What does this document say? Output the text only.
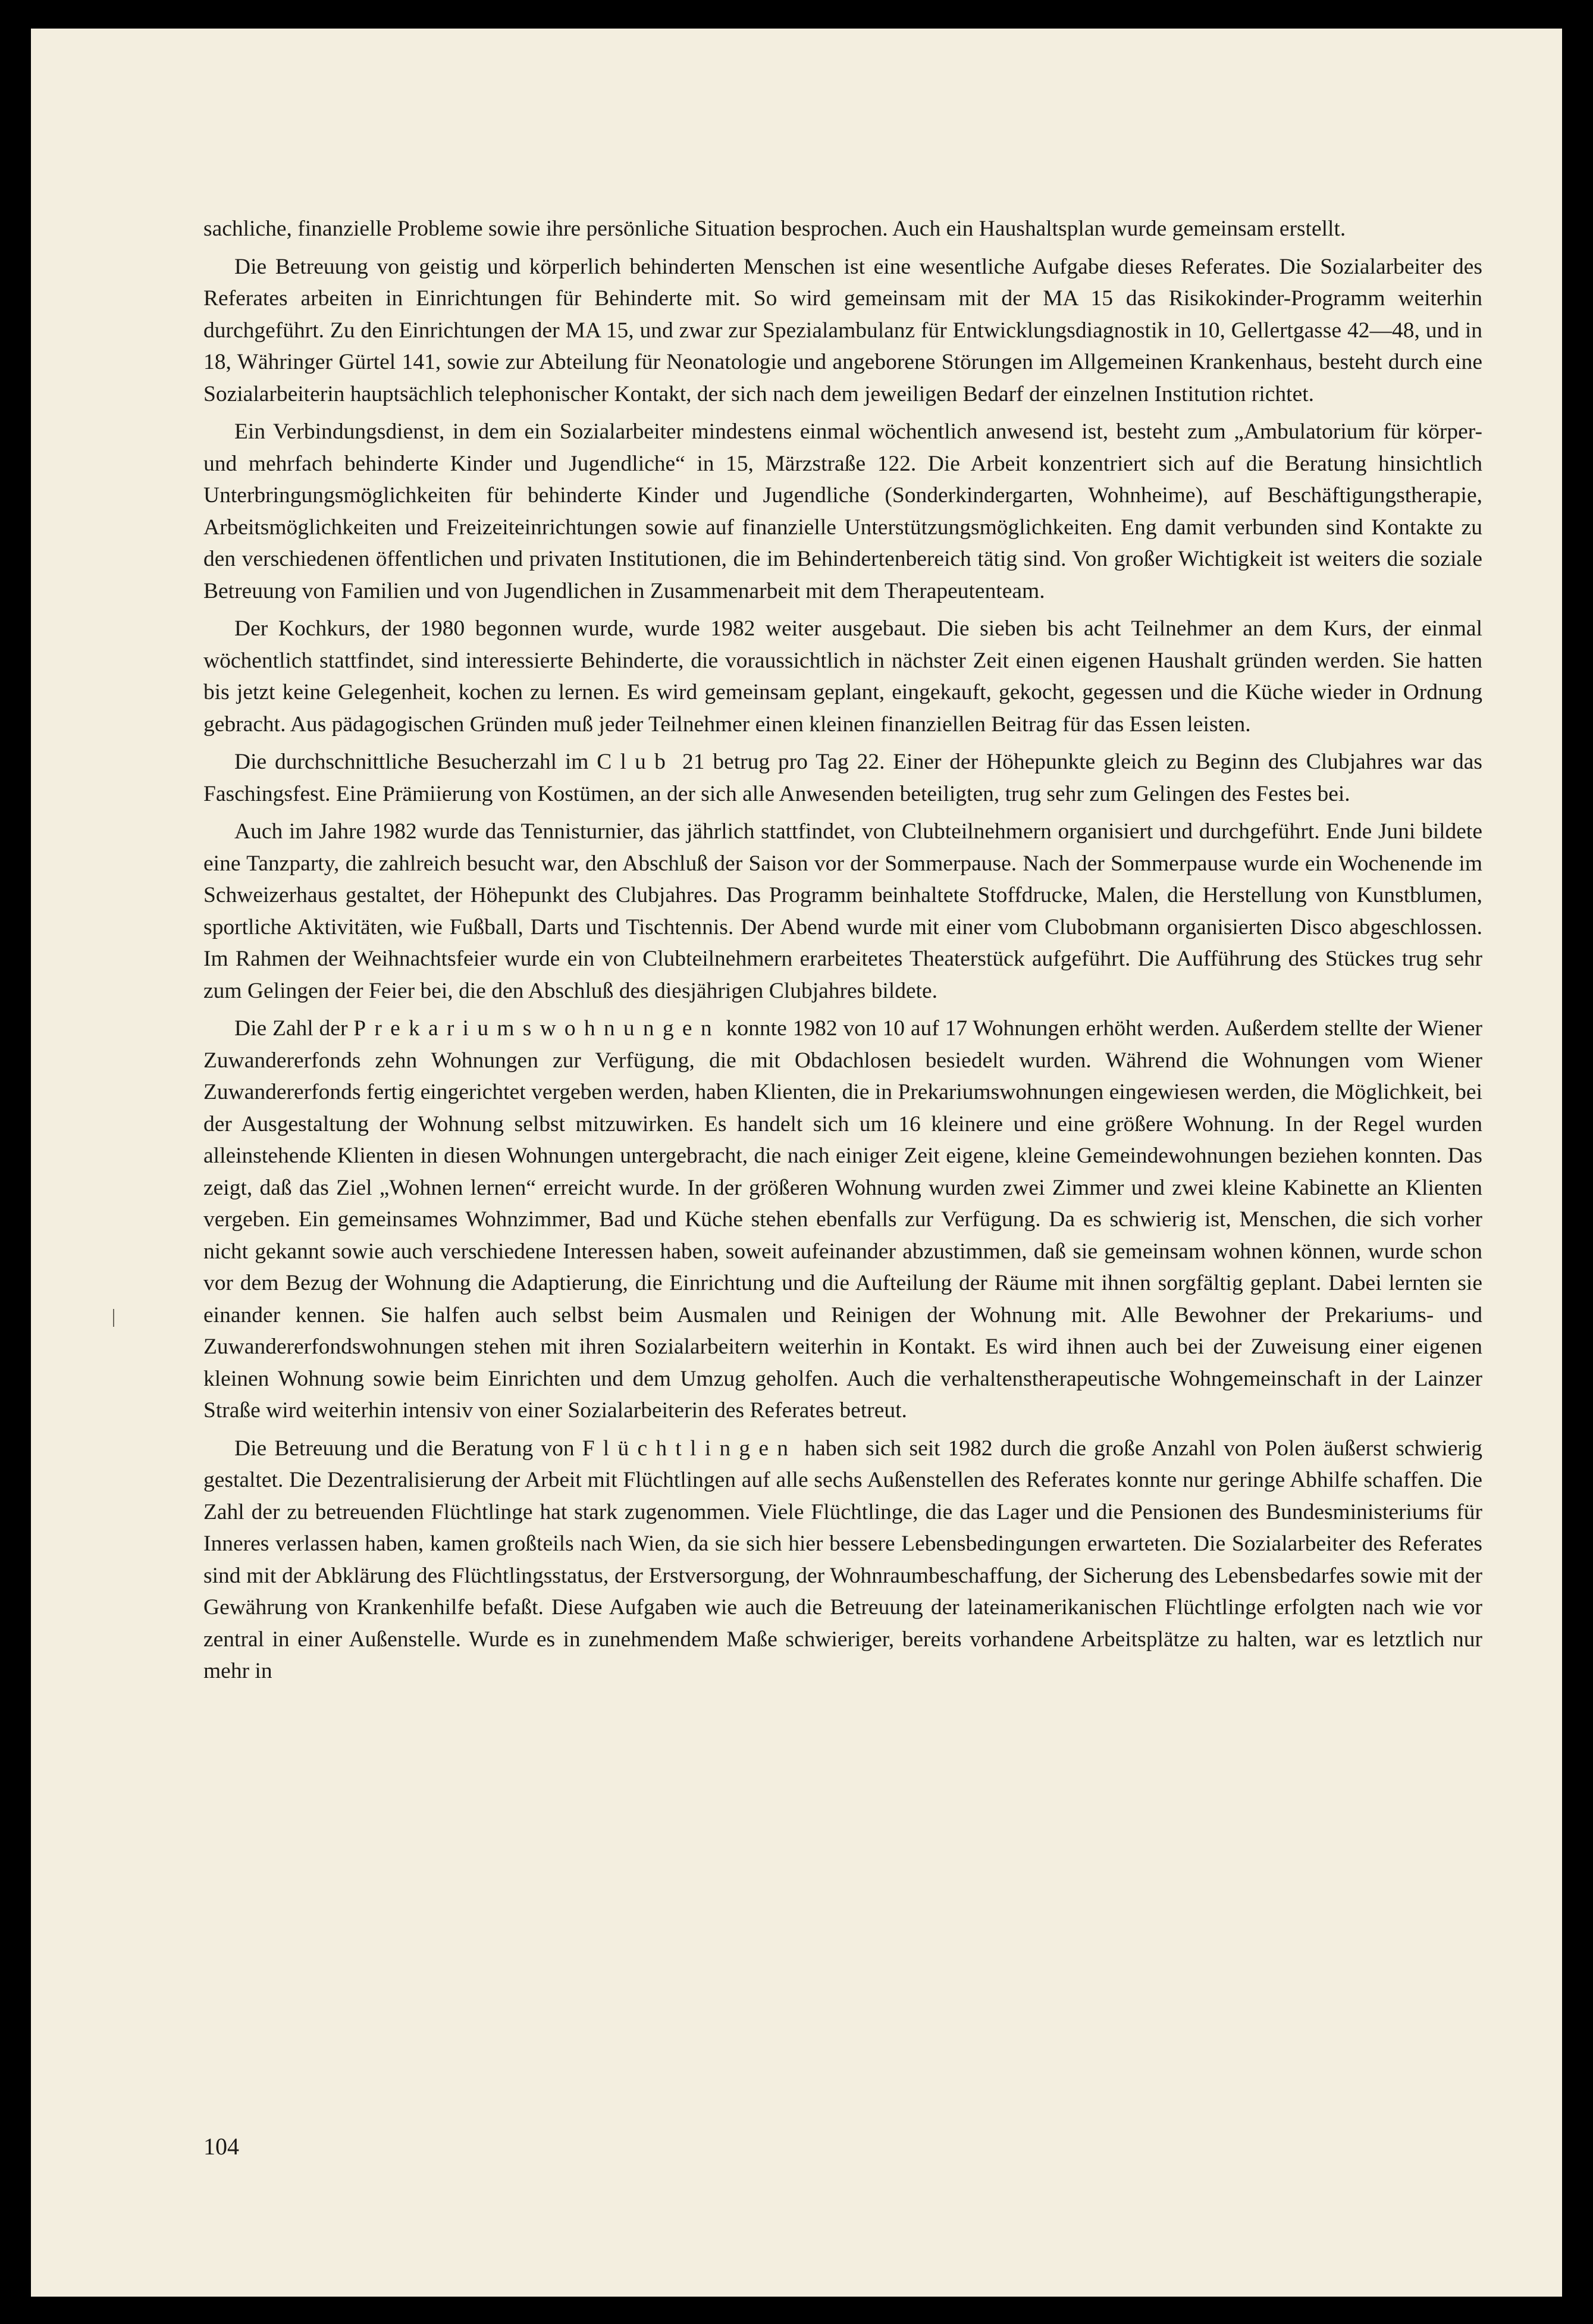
sachliche, finanzielle Probleme sowie ihre persönliche Situation besprochen. Auch ein Haushaltsplan wurde gemeinsam erstellt.

Die Betreuung von geistig und körperlich behinderten Menschen ist eine wesentliche Aufgabe dieses Referates. Die Sozialarbeiter des Referates arbeiten in Einrichtungen für Behinderte mit. So wird gemeinsam mit der MA 15 das Risikokinder-Programm weiterhin durchgeführt. Zu den Einrichtungen der MA 15, und zwar zur Spezialambulanz für Entwicklungsdiagnostik in 10, Gellertgasse 42—48, und in 18, Währinger Gürtel 141, sowie zur Abteilung für Neonatologie und angeborene Störungen im Allgemeinen Krankenhaus, besteht durch eine Sozialarbeiterin hauptsächlich telephonischer Kontakt, der sich nach dem jeweiligen Bedarf der einzelnen Institution richtet.

Ein Verbindungsdienst, in dem ein Sozialarbeiter mindestens einmal wöchentlich anwesend ist, besteht zum „Ambulatorium für körper- und mehrfach behinderte Kinder und Jugendliche“ in 15, Märzstraße 122. Die Arbeit konzentriert sich auf die Beratung hinsichtlich Unterbringungsmöglichkeiten für behinderte Kinder und Jugendliche (Sonderkindergarten, Wohnheime), auf Beschäftigungstherapie, Arbeitsmöglichkeiten und Freizeiteinrichtungen sowie auf finanzielle Unterstützungsmöglichkeiten. Eng damit verbunden sind Kontakte zu den verschiedenen öffentlichen und privaten Institutionen, die im Behindertenbereich tätig sind. Von großer Wichtigkeit ist weiters die soziale Betreuung von Familien und von Jugendlichen in Zusammenarbeit mit dem Therapeutenteam.

Der Kochkurs, der 1980 begonnen wurde, wurde 1982 weiter ausgebaut. Die sieben bis acht Teilnehmer an dem Kurs, der einmal wöchentlich stattfindet, sind interessierte Behinderte, die voraussichtlich in nächster Zeit einen eigenen Haushalt gründen werden. Sie hatten bis jetzt keine Gelegenheit, kochen zu lernen. Es wird gemeinsam geplant, eingekauft, gekocht, gegessen und die Küche wieder in Ordnung gebracht. Aus pädagogischen Gründen muß jeder Teilnehmer einen kleinen finanziellen Beitrag für das Essen leisten.

Die durchschnittliche Besucherzahl im Club 21 betrug pro Tag 22. Einer der Höhepunkte gleich zu Beginn des Clubjahres war das Faschingsfest. Eine Prämiierung von Kostümen, an der sich alle Anwesenden beteiligten, trug sehr zum Gelingen des Festes bei.

Auch im Jahre 1982 wurde das Tennisturnier, das jährlich stattfindet, von Clubteilnehmern organisiert und durchgeführt. Ende Juni bildete eine Tanzparty, die zahlreich besucht war, den Abschluß der Saison vor der Sommerpause. Nach der Sommerpause wurde ein Wochenende im Schweizerhaus gestaltet, der Höhepunkt des Clubjahres. Das Programm beinhaltete Stoffdrucke, Malen, die Herstellung von Kunstblumen, sportliche Aktivitäten, wie Fußball, Darts und Tischtennis. Der Abend wurde mit einer vom Clubobmann organisierten Disco abgeschlossen. Im Rahmen der Weihnachtsfeier wurde ein von Clubteilnehmern erarbeitetes Theaterstück aufgeführt. Die Aufführung des Stückes trug sehr zum Gelingen der Feier bei, die den Abschluß des diesjährigen Clubjahres bildete.

Die Zahl der Prekariumswohnungen konnte 1982 von 10 auf 17 Wohnungen erhöht werden. Außerdem stellte der Wiener Zuwandererfonds zehn Wohnungen zur Verfügung, die mit Obdachlosen besiedelt wurden. Während die Wohnungen vom Wiener Zuwandererfonds fertig eingerichtet vergeben werden, haben Klienten, die in Prekariumswohnungen eingewiesen werden, die Möglichkeit, bei der Ausgestaltung der Wohnung selbst mitzuwirken. Es handelt sich um 16 kleinere und eine größere Wohnung. In der Regel wurden alleinstehende Klienten in diesen Wohnungen untergebracht, die nach einiger Zeit eigene, kleine Gemeindewohnungen beziehen konnten. Das zeigt, daß das Ziel „Wohnen lernen“ erreicht wurde. In der größeren Wohnung wurden zwei Zimmer und zwei kleine Kabinette an Klienten vergeben. Ein gemeinsames Wohnzimmer, Bad und Küche stehen ebenfalls zur Verfügung. Da es schwierig ist, Menschen, die sich vorher nicht gekannt sowie auch verschiedene Interessen haben, soweit aufeinander abzustimmen, daß sie gemeinsam wohnen können, wurde schon vor dem Bezug der Wohnung die Adaptierung, die Einrichtung und die Aufteilung der Räume mit ihnen sorgfältig geplant. Dabei lernten sie einander kennen. Sie halfen auch selbst beim Ausmalen und Reinigen der Wohnung mit. Alle Bewohner der Prekariums- und Zuwandererfondswohnungen stehen mit ihren Sozialarbeitern weiterhin in Kontakt. Es wird ihnen auch bei der Zuweisung einer eigenen kleinen Wohnung sowie beim Einrichten und dem Umzug geholfen. Auch die verhaltenstherapeutische Wohngemeinschaft in der Lainzer Straße wird weiterhin intensiv von einer Sozialarbeiterin des Referates betreut.

Die Betreuung und die Beratung von Flüchtlingen haben sich seit 1982 durch die große Anzahl von Polen äußerst schwierig gestaltet. Die Dezentralisierung der Arbeit mit Flüchtlingen auf alle sechs Außenstellen des Referates konnte nur geringe Abhilfe schaffen. Die Zahl der zu betreuenden Flüchtlinge hat stark zugenommen. Viele Flüchtlinge, die das Lager und die Pensionen des Bundesministeriums für Inneres verlassen haben, kamen großteils nach Wien, da sie sich hier bessere Lebensbedingungen erwarteten. Die Sozialarbeiter des Referates sind mit der Abklärung des Flüchtlingsstatus, der Erstversorgung, der Wohnraumbeschaffung, der Sicherung des Lebensbedarfes sowie mit der Gewährung von Krankenhilfe befaßt. Diese Aufgaben wie auch die Betreuung der lateinamerikanischen Flüchtlinge erfolgten nach wie vor zentral in einer Außenstelle. Wurde es in zunehmendem Maße schwieriger, bereits vorhandene Arbeitsplätze zu halten, war es letztlich nur mehr in

104
